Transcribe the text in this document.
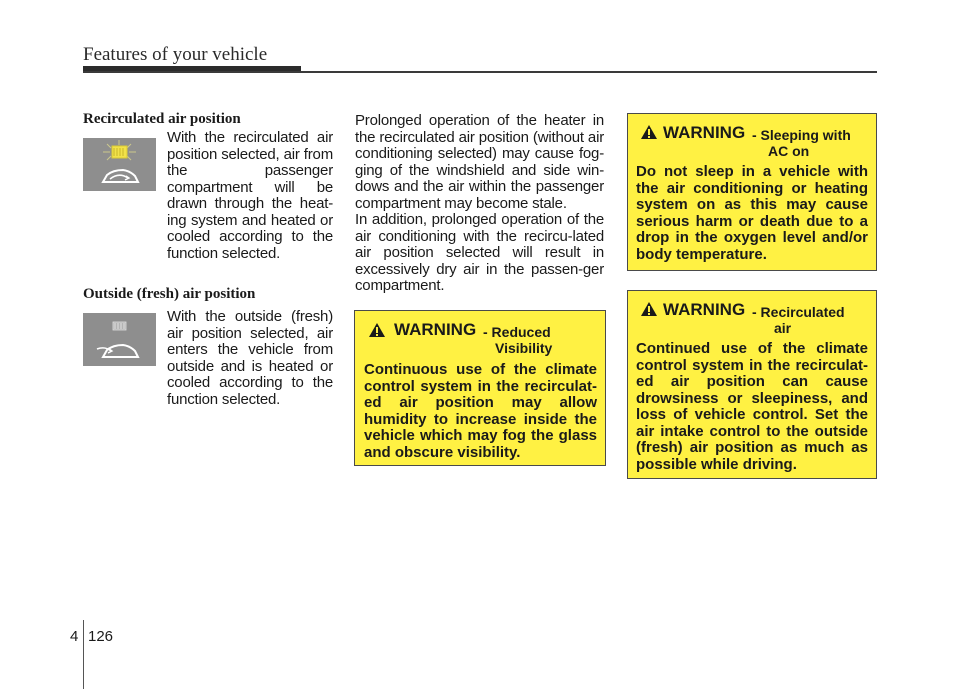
Features of your vehicle
Recirculated air position
With the recirculated air position selected, air from the passenger compartment will be drawn through the heat-ing system and heated or cooled according to the function selected.
Outside (fresh) air position
With the outside (fresh) air position selected, air enters the vehicle from outside and is heated or cooled according to the function selected.
Prolonged operation of the heater in the recirculated air position (without air conditioning selected) may cause fog-ging of the windshield and side win-dows and the air within the passenger compartment may become stale.
In addition, prolonged operation of the air conditioning with the recircu-lated air position selected will result in excessively dry air in the passen-ger compartment.
WARNING - Reduced
Visibility
Continuous use of the climate control system in the recirculat-ed air position may allow humidity to increase inside the vehicle which may fog the glass and obscure visibility.
WARNING - Sleeping with
AC on
Do not sleep in a vehicle with the air conditioning or heating system on as this may cause serious harm or death due to a drop in the oxygen level and/or body temperature.
WARNING - Recirculated
air
Continued use of the climate control system in the recirculat-ed air position can cause drowsiness or sleepiness, and loss of vehicle control. Set the air intake control to the outside (fresh) air position as much as possible while driving.
4 126
